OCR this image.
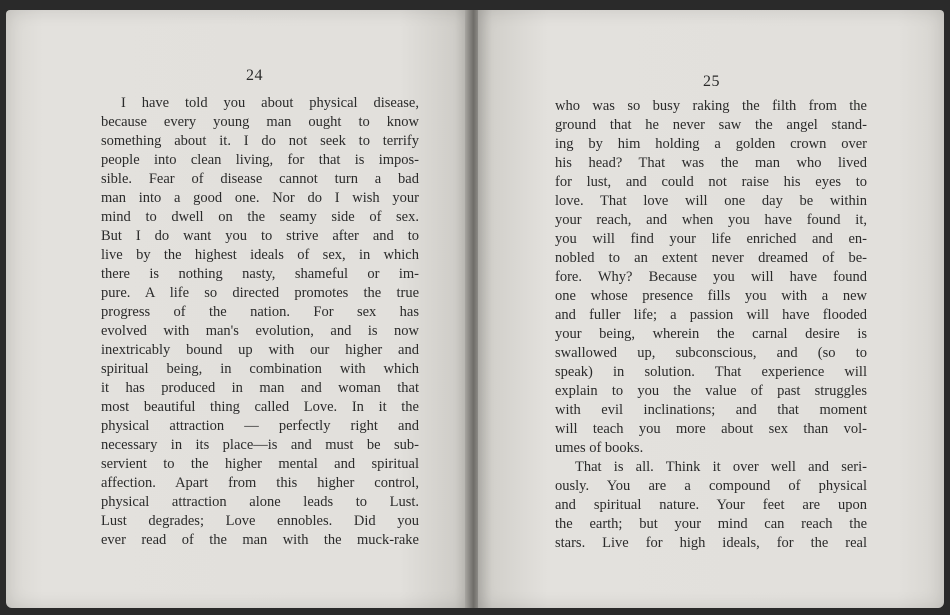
24
I have told you about physical disease,
because every young man ought to know
something about it. I do not seek to terrify
people into clean living, for that is impos-
sible. Fear of disease cannot turn a bad
man into a good one. Nor do I wish your
mind to dwell on the seamy side of sex.
But I do want you to strive after and to
live by the highest ideals of sex, in which
there is nothing nasty, shameful or im-
pure. A life so directed promotes the true
progress of the nation. For sex has
evolved with man's evolution, and is now
inextricably bound up with our higher and
spiritual being, in combination with which
it has produced in man and woman that
most beautiful thing called Love. In it the
physical attraction — perfectly right and
necessary in its place—is and must be sub-
servient to the higher mental and spiritual
affection. Apart from this higher control,
physical attraction alone leads to Lust.
Lust degrades; Love ennobles. Did you
ever read of the man with the muck-rake
25
who was so busy raking the filth from the
ground that he never saw the angel stand-
ing by him holding a golden crown over
his head? That was the man who lived
for lust, and could not raise his eyes to
love. That love will one day be within
your reach, and when you have found it,
you will find your life enriched and en-
nobled to an extent never dreamed of be-
fore. Why? Because you will have found
one whose presence fills you with a new
and fuller life; a passion will have flooded
your being, wherein the carnal desire is
swallowed up, subconscious, and (so to
speak) in solution. That experience will
explain to you the value of past struggles
with evil inclinations; and that moment
will teach you more about sex than vol-
umes of books.
That is all. Think it over well and seri-
ously. You are a compound of physical
and spiritual nature. Your feet are upon
the earth; but your mind can reach the
stars. Live for high ideals, for the real
